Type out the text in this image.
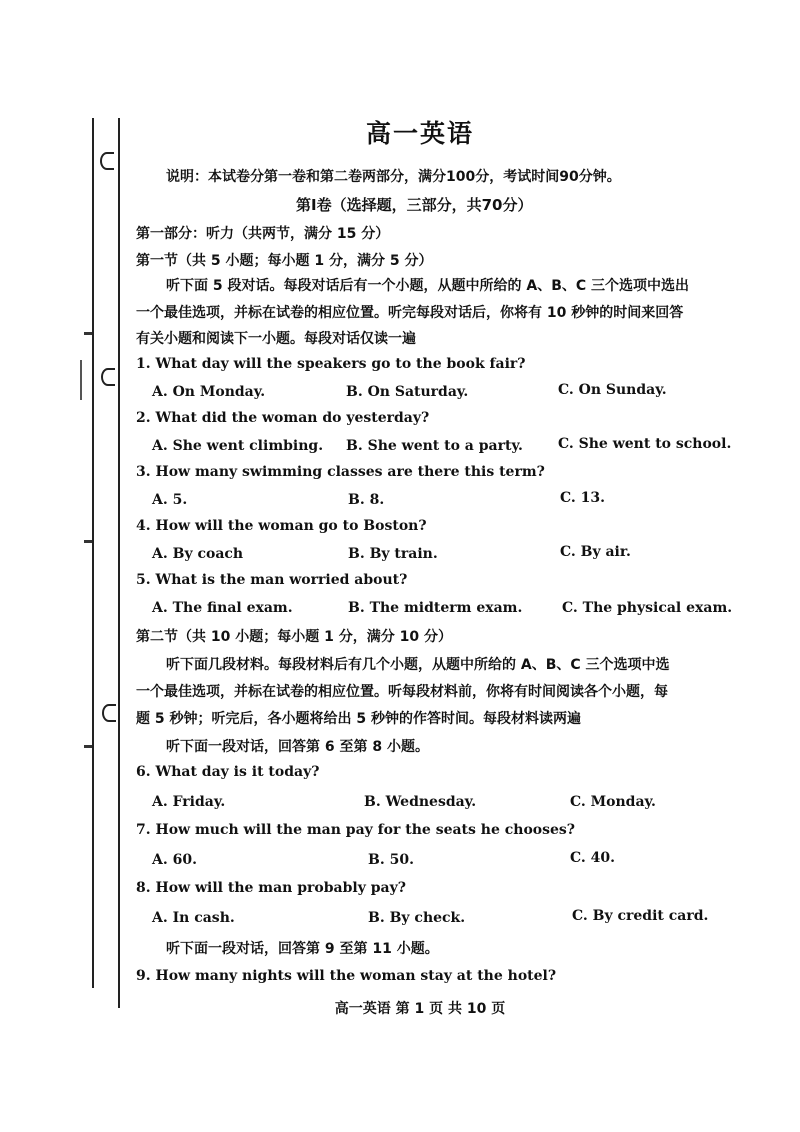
高一英语
说明：本试卷分第一卷和第二卷两部分，满分100分，考试时间90分钟。
第Ⅰ卷（选择题，三部分，共70分）
第一部分：听力（共两节，满分 15 分）
第一节（共 5 小题；每小题 1 分，满分 5 分）
听下面 5 段对话。每段对话后有一个小题，从题中所给的 A、B、C 三个选项中选出
一个最佳选项，并标在试卷的相应位置。听完每段对话后，你将有 10 秒钟的时间来回答
有关小题和阅读下一小题。每段对话仅读一遍
1. What day will the speakers go to the book fair?
A. On Monday.	B. On Saturday.	C. On Sunday.
2. What did the woman do yesterday?
A. She went climbing. B. She went to a party.	C. She went to school.
3. How many swimming classes are there this term?
A. 5.	B. 8.	C. 13.
4. How will the woman go to Boston?
A. By coach	B. By train.	C. By air.
5. What is the man worried about?
A. The final exam.	B. The midterm exam.	C. The physical exam.
第二节（共 10 小题；每小题 1 分，满分 10 分）
听下面几段材料。每段材料后有几个小题，从题中所给的 A、B、C 三个选项中选
一个最佳选项，并标在试卷的相应位置。听每段材料前，你将有时间阅读各个小题，每
题 5 秒钟；听完后，各小题将给出 5 秒钟的作答时间。每段材料读两遍
听下面一段对话，回答第 6 至第 8 小题。
6. What day is it today?
A. Friday.	B. Wednesday.	C. Monday.
7. How much will the man pay for the seats he chooses?
A. 60.	B. 50.	C. 40.
8. How will the man probably pay?
A. In cash.	B. By check.	C. By credit card.
听下面一段对话，回答第 9 至第 11 小题。
9. How many nights will the woman stay at the hotel?
高一英语 第 1 页 共 10 页
